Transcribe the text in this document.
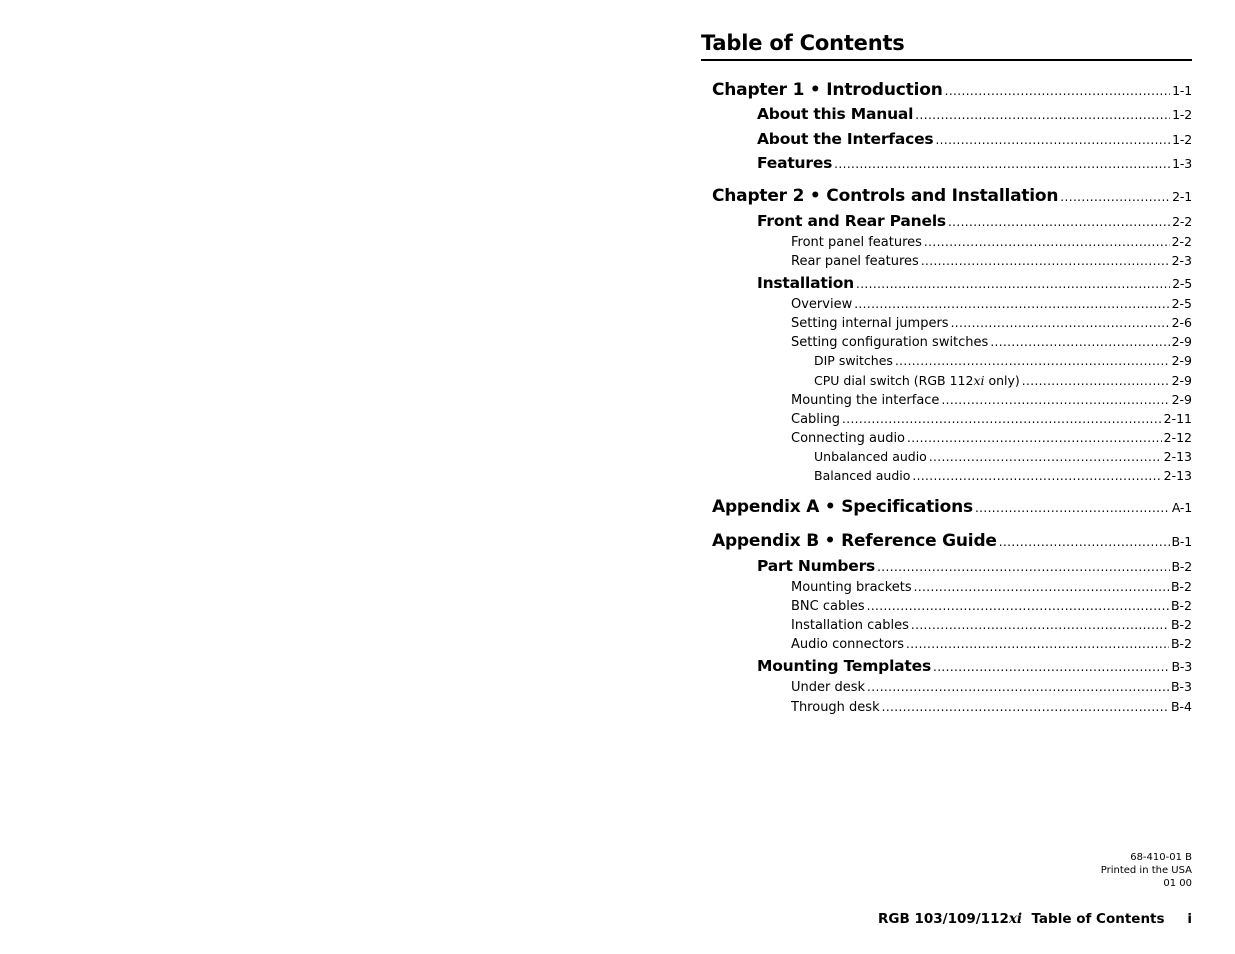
Table of Contents
Chapter 1 • Introduction .....	1-1
About this Manual .....	1-2
About the Interfaces .....	1-2
Features .....	1-3
Chapter 2 • Controls and Installation .....	2-1
Front and Rear Panels .....	2-2
Front panel features .....	2-2
Rear panel features .....	2-3
Installation .....	2-5
Overview .....	2-5
Setting internal jumpers .....	2-6
Setting configuration switches .....	2-9
DIP switches .....	2-9
CPU dial switch (RGB 112xi only) .....	2-9
Mounting the interface .....	2-9
Cabling .....	2-11
Connecting audio .....	2-12
Unbalanced audio .....	2-13
Balanced audio .....	2-13
Appendix A • Specifications .....	A-1
Appendix B • Reference Guide .....	B-1
Part Numbers .....	B-2
Mounting brackets .....	B-2
BNC cables .....	B-2
Installation cables .....	B-2
Audio connectors .....	B-2
Mounting Templates .....	B-3
Under desk .....	B-3
Through desk .....	B-4
68-410-01 B
Printed in the USA
01 00
RGB 103/109/112xi Table of Contents i
